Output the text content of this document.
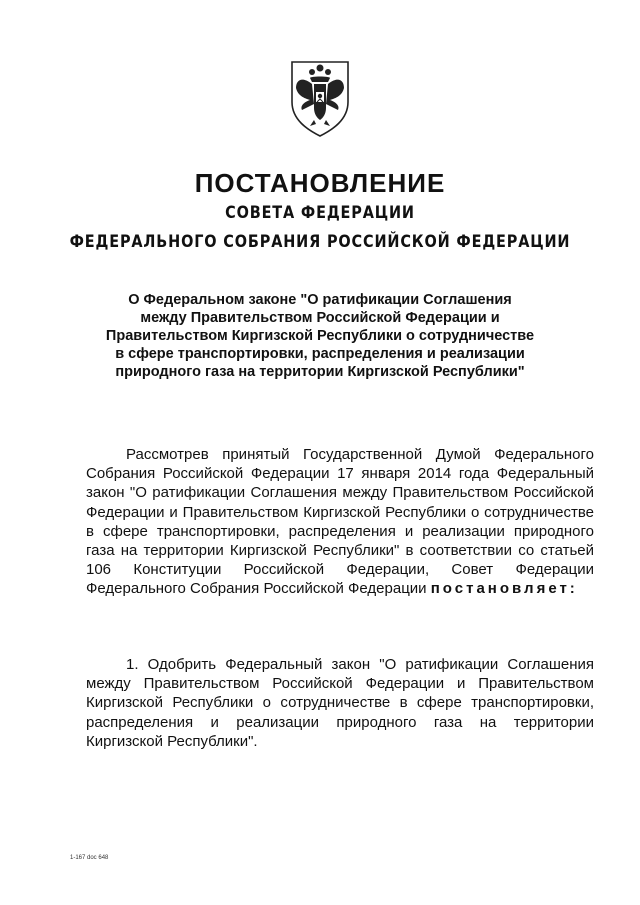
ПОСТАНОВЛЕНИЕ

СОВЕТА ФЕДЕРАЦИИ

ФЕДЕРАЛЬНОГО СОБРАНИЯ РОССИЙСКОЙ ФЕДЕРАЦИИ

О Федеральном законе "О ратификации Соглашения
между Правительством Российской Федерации и
Правительством Киргизской Республики о сотрудничестве
в сфере транспортировки, распределения и реализации
природного газа на территории Киргизской Республики"

Рассмотрев принятый Государственной Думой Федерального Собрания Российской Федерации 17 января 2014 года Федеральный закон "О ратификации Соглашения между Правительством Российской Федерации и Правительством Киргизской Республики о сотрудничестве в сфере транспортировки, распределения и реализации природного газа на территории Киргизской Республики" в соответствии со статьей 106 Конституции Российской Федерации, Совет Федерации Федерального Собрания Российской Федерации постановляет:

1. Одобрить Федеральный закон "О ратификации Соглашения между Правительством Российской Федерации и Правительством Киргизской Республики о сотрудничестве в сфере транспортировки, распределения и реализации природного газа на территории Киргизской Республики".

1-167 doc 648
